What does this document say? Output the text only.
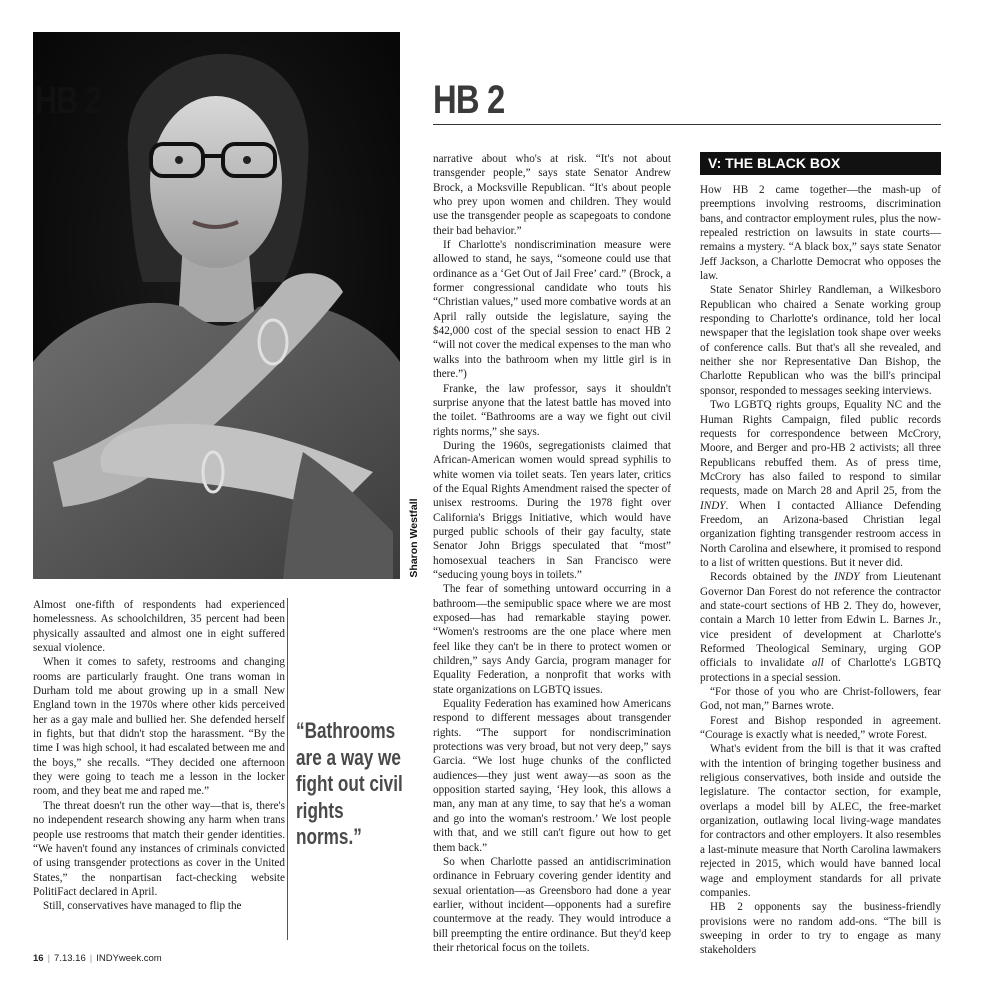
HB 2
Sharon Westfall
HB 2

Almost one-fifth of respondents had experienced homelessness. As schoolchildren, 35 percent had been physically assaulted and almost one in eight suffered sexual violence.

When it comes to safety, restrooms and changing rooms are particularly fraught. One trans woman in Durham told me about growing up in a small New England town in the 1970s where other kids perceived her as a gay male and bullied her. She defended herself in fights, but that didn't stop the harassment. “By the time I was high school, it had escalated between me and the boys,” she recalls. “They decided one afternoon they were going to teach me a lesson in the locker room, and they beat me and raped me.”

The threat doesn't run the other way—that is, there's no independent research showing any harm when trans people use restrooms that match their gender identities. “We haven't found any instances of criminals convicted of using transgender protections as cover in the United States,” the nonpartisan fact-checking website PolitiFact declared in April.

Still, conservatives have managed to flip the

“Bathrooms are a way we fight out civil rights norms.”

narrative about who's at risk. “It's not about transgender people,” says state Senator Andrew Brock, a Mocksville Republican. “It's about people who prey upon women and children. They would use the transgender people as scapegoats to condone their bad behavior.”

If Charlotte's nondiscrimination measure were allowed to stand, he says, “someone could use that ordinance as a ‘Get Out of Jail Free’ card.” (Brock, a former congressional candidate who touts his “Christian values,” used more combative words at an April rally outside the legislature, saying the $42,000 cost of the special session to enact HB 2 “will not cover the medical expenses to the man who walks into the bathroom when my little girl is in there.”)

Franke, the law professor, says it shouldn't surprise anyone that the latest battle has moved into the toilet. “Bathrooms are a way we fight out civil rights norms,” she says.

During the 1960s, segregationists claimed that African-American women would spread syphilis to white women via toilet seats. Ten years later, critics of the Equal Rights Amendment raised the specter of unisex restrooms. During the 1978 fight over California's Briggs Initiative, which would have purged public schools of their gay faculty, state Senator John Briggs speculated that “most” homosexual teachers in San Francisco were “seducing young boys in toilets.”

The fear of something untoward occurring in a bathroom—the semipublic space where we are most exposed—has had remarkable staying power. “Women's restrooms are the one place where men feel like they can't be in there to protect women or children,” says Andy Garcia, program manager for Equality Federation, a nonprofit that works with state organizations on LGBTQ issues.

Equality Federation has examined how Americans respond to different messages about transgender rights. “The support for nondiscrimination protections was very broad, but not very deep,” says Garcia. “We lost huge chunks of the conflicted audiences—they just went away—as soon as the opposition started saying, ‘Hey look, this allows a man, any man at any time, to say that he's a woman and go into the woman's restroom.’ We lost people with that, and we still can't figure out how to get them back.”

So when Charlotte passed an antidiscrimination ordinance in February covering gender identity and sexual orientation—as Greensboro had done a year earlier, without incident—opponents had a surefire countermove at the ready. They would introduce a bill preempting the entire ordinance. But they'd keep their rhetorical focus on the toilets.

V: THE BLACK BOX

How HB 2 came together—the mash-up of preemptions involving restrooms, discrimination bans, and contractor employment rules, plus the now-repealed restriction on lawsuits in state courts—remains a mystery. “A black box,” says state Senator Jeff Jackson, a Charlotte Democrat who opposes the law.

State Senator Shirley Randleman, a Wilkesboro Republican who chaired a Senate working group responding to Charlotte's ordinance, told her local newspaper that the legislation took shape over weeks of conference calls. But that's all she revealed, and neither she nor Representative Dan Bishop, the Charlotte Republican who was the bill's principal sponsor, responded to messages seeking interviews.

Two LGBTQ rights groups, Equality NC and the Human Rights Campaign, filed public records requests for correspondence between McCrory, Moore, and Berger and pro-HB 2 activists; all three Republicans rebuffed them. As of press time, McCrory has also failed to respond to similar requests, made on March 28 and April 25, from the INDY. When I contacted Alliance Defending Freedom, an Arizona-based Christian legal organization fighting transgender restroom access in North Carolina and elsewhere, it promised to respond to a list of written questions. But it never did.

Records obtained by the INDY from Lieutenant Governor Dan Forest do not reference the contractor and state-court sections of HB 2. They do, however, contain a March 10 letter from Edwin L. Barnes Jr., vice president of development at Charlotte's Reformed Theological Seminary, urging GOP officials to invalidate all of Charlotte's LGBTQ protections in a special session.

“For those of you who are Christ-followers, fear God, not man,” Barnes wrote.

Forest and Bishop responded in agreement. “Courage is exactly what is needed,” wrote Forest.

What's evident from the bill is that it was crafted with the intention of bringing together business and religious conservatives, both inside and outside the legislature. The contactor section, for example, overlaps a model bill by ALEC, the free-market organization, outlawing local living-wage mandates for contractors and other employers. It also resembles a last-minute measure that North Carolina lawmakers rejected in 2015, which would have banned local wage and employment standards for all private companies.

HB 2 opponents say the business-friendly provisions were no random add-ons. “The bill is sweeping in order to try to engage as many stakeholders

16 | 7.13.16 | INDYweek.com
